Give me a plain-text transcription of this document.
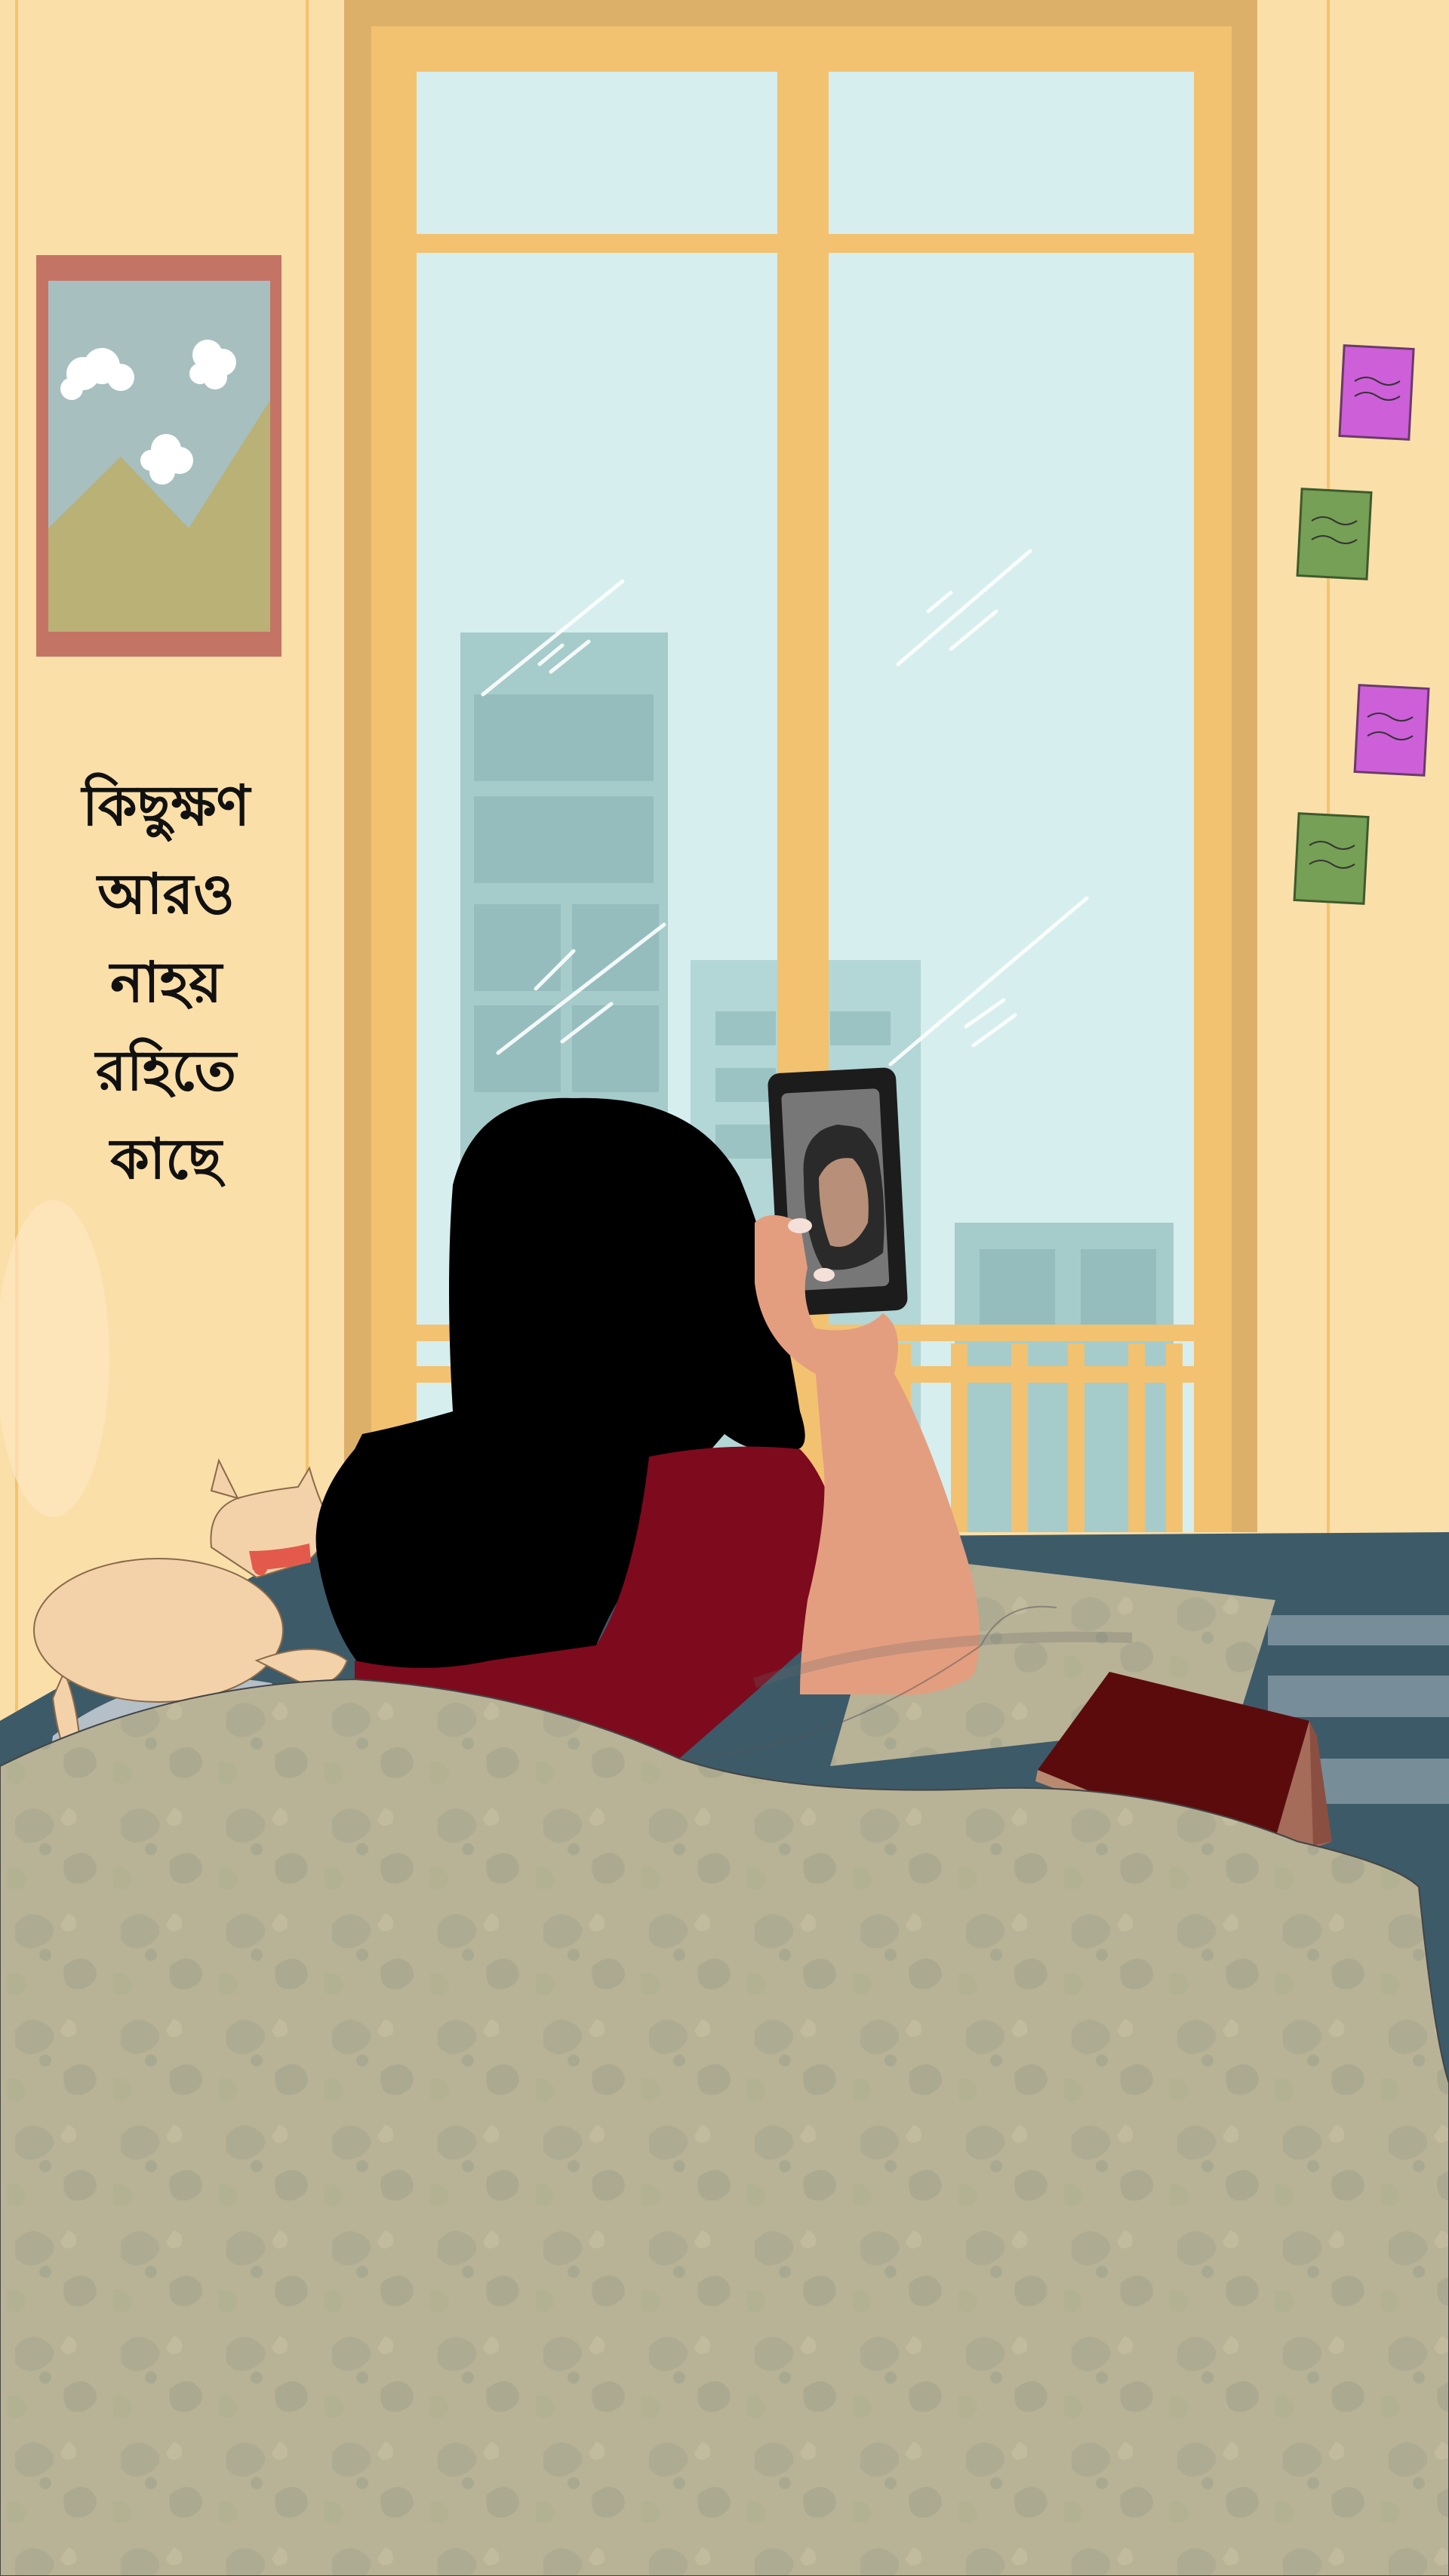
কিছুক্ষণ
আরও
নাহয়
রহিতে
কাছে
